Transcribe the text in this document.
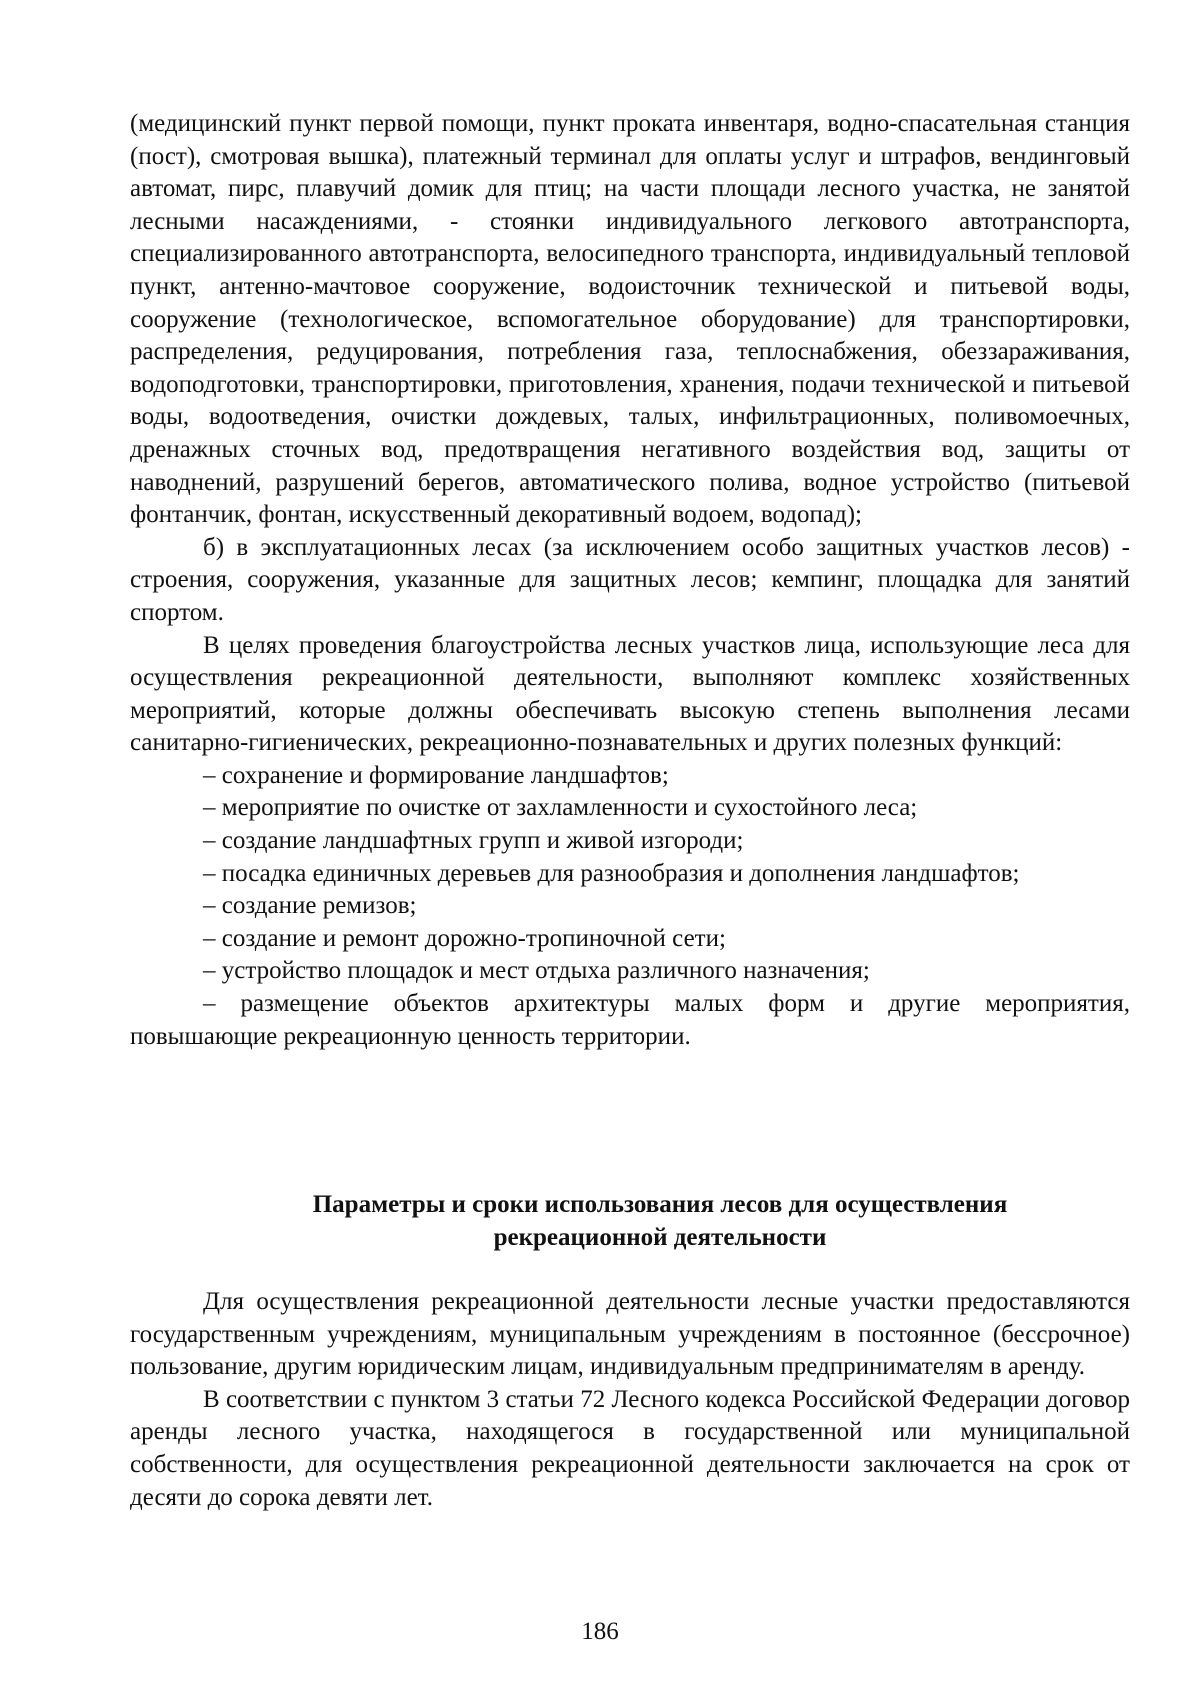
(медицинский пункт первой помощи, пункт проката инвентаря, водно-спасательная станция (пост), смотровая вышка), платежный терминал для оплаты услуг и штрафов, вендинговый автомат, пирс, плавучий домик для птиц; на части площади лесного участка, не занятой лесными насаждениями, - стоянки индивидуального легкового автотранспорта, специализированного автотранспорта, велосипедного транспорта, индивидуальный тепловой пункт, антенно-мачтовое сооружение, водоисточник технической и питьевой воды, сооружение (технологическое, вспомогательное оборудование) для транспортировки, распределения, редуцирования, потребления газа, теплоснабжения, обеззараживания, водоподготовки, транспортировки, приготовления, хранения, подачи технической и питьевой воды, водоотведения, очистки дождевых, талых, инфильтрационных, поливомоечных, дренажных сточных вод, предотвращения негативного воздействия вод, защиты от наводнений, разрушений берегов, автоматического полива, водное устройство (питьевой фонтанчик, фонтан, искусственный декоративный водоем, водопад);

б) в эксплуатационных лесах (за исключением особо защитных участков лесов) - строения, сооружения, указанные для защитных лесов; кемпинг, площадка для занятий спортом.

В целях проведения благоустройства лесных участков лица, использующие леса для осуществления рекреационной деятельности, выполняют комплекс хозяйственных мероприятий, которые должны обеспечивать высокую степень выполнения лесами санитарно-гигиенических, рекреационно-познавательных и других полезных функций:

– сохранение и формирование ландшафтов;

– мероприятие по очистке от захламленности и сухостойного леса;

– создание ландшафтных групп и живой изгороди;

– посадка единичных деревьев для разнообразия и дополнения ландшафтов;

– создание ремизов;

– создание и ремонт дорожно-тропиночной сети;

– устройство площадок и мест отдыха различного назначения;

– размещение объектов архитектуры малых форм и другие мероприятия, повышающие рекреационную ценность территории.

Параметры и сроки использования лесов для осуществления
рекреационной деятельности

Для осуществления рекреационной деятельности лесные участки предоставляются государственным учреждениям, муниципальным учреждениям в постоянное (бессрочное) пользование, другим юридическим лицам, индивидуальным предпринимателям в аренду.

В соответствии с пунктом 3 статьи 72 Лесного кодекса Российской Федерации договор аренды лесного участка, находящегося в государственной или муниципальной собственности, для осуществления рекреационной деятельности заключается на срок от десяти до сорока девяти лет.

186
